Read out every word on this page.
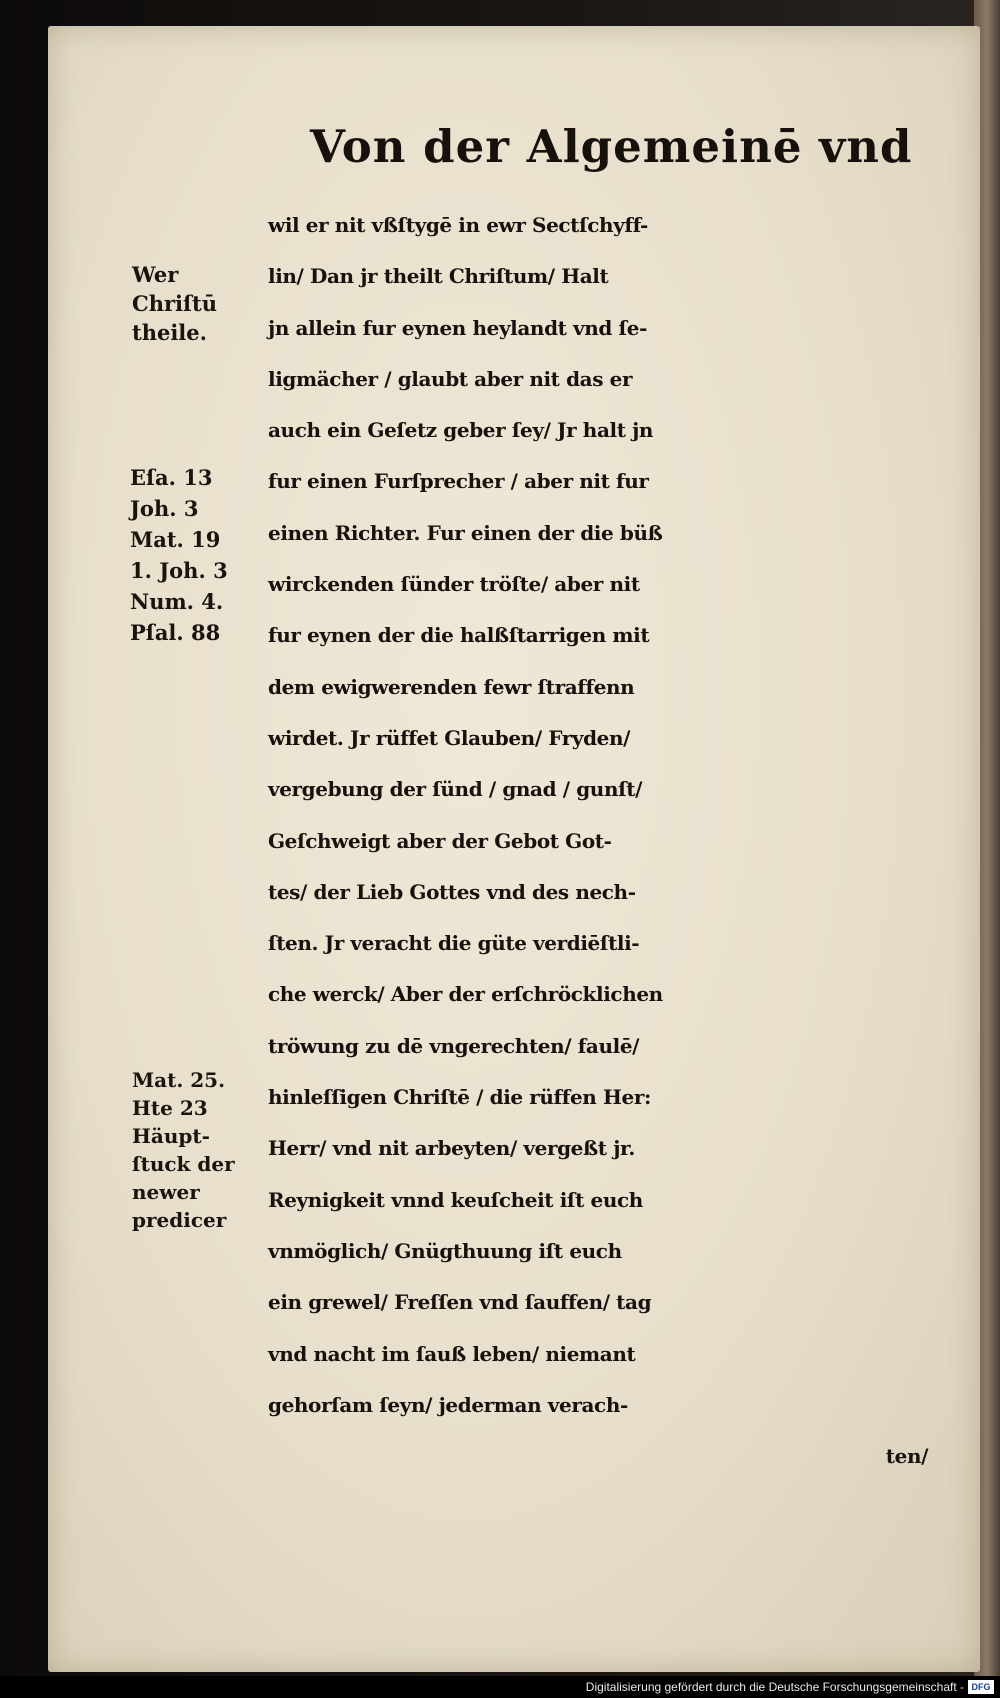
Von der Algemeinē vnd
wil er nit vßſtygē in ewr Sectſchyff-
lin/ Dan jr theilt Chriſtum/ Halt
jn allein fur eynen heylandt vnd ſe-
ligmächer / glaubt aber nit das er
auch ein Geſetz geber ſey/ Jr halt jn
fur einen Furſprecher / aber nit fur
einen Richter. Fur einen der die büß
wirckenden ſünder tröſte/ aber nit
fur eynen der die halßſtarrigen mit
dem ewigwerenden fewr ſtraffenn
wirdet. Jr rüffet Glauben/ Fryden/
vergebung der ſünd / gnad / gunſt/
Geſchweigt aber der Gebot Got-
tes/ der Lieb Gottes vnd des nech-
ſten. Jr veracht die güte verdiēſtli-
che werck/ Aber der erſchröcklichen
tröwung zu dē vngerechten/ faulē/
hinleſſigen Chriſtē / die rüffen Her:
Herr/ vnd nit arbeyten/ vergeßt jr.
Reynigkeit vnnd keuſcheit iſt euch
vnmöglich/ Gnügthuung iſt euch
ein grewel/ Freſſen vnd ſauffen/ tag
vnd nacht im ſauß leben/ niemant
gehorſam ſeyn/ jederman verach-
ten/
Wer
Chriſtū
theile.
Eſa. 13
Joh. 3
Mat. 19
1. Joh. 3
Num. 4.
Pſal. 88
Mat. 25.
Hte 23
Häupt-
ſtuck der
newer
predicer
Digitalisierung gefördert durch die Deutsche Forschungsgemeinschaft - DFG
